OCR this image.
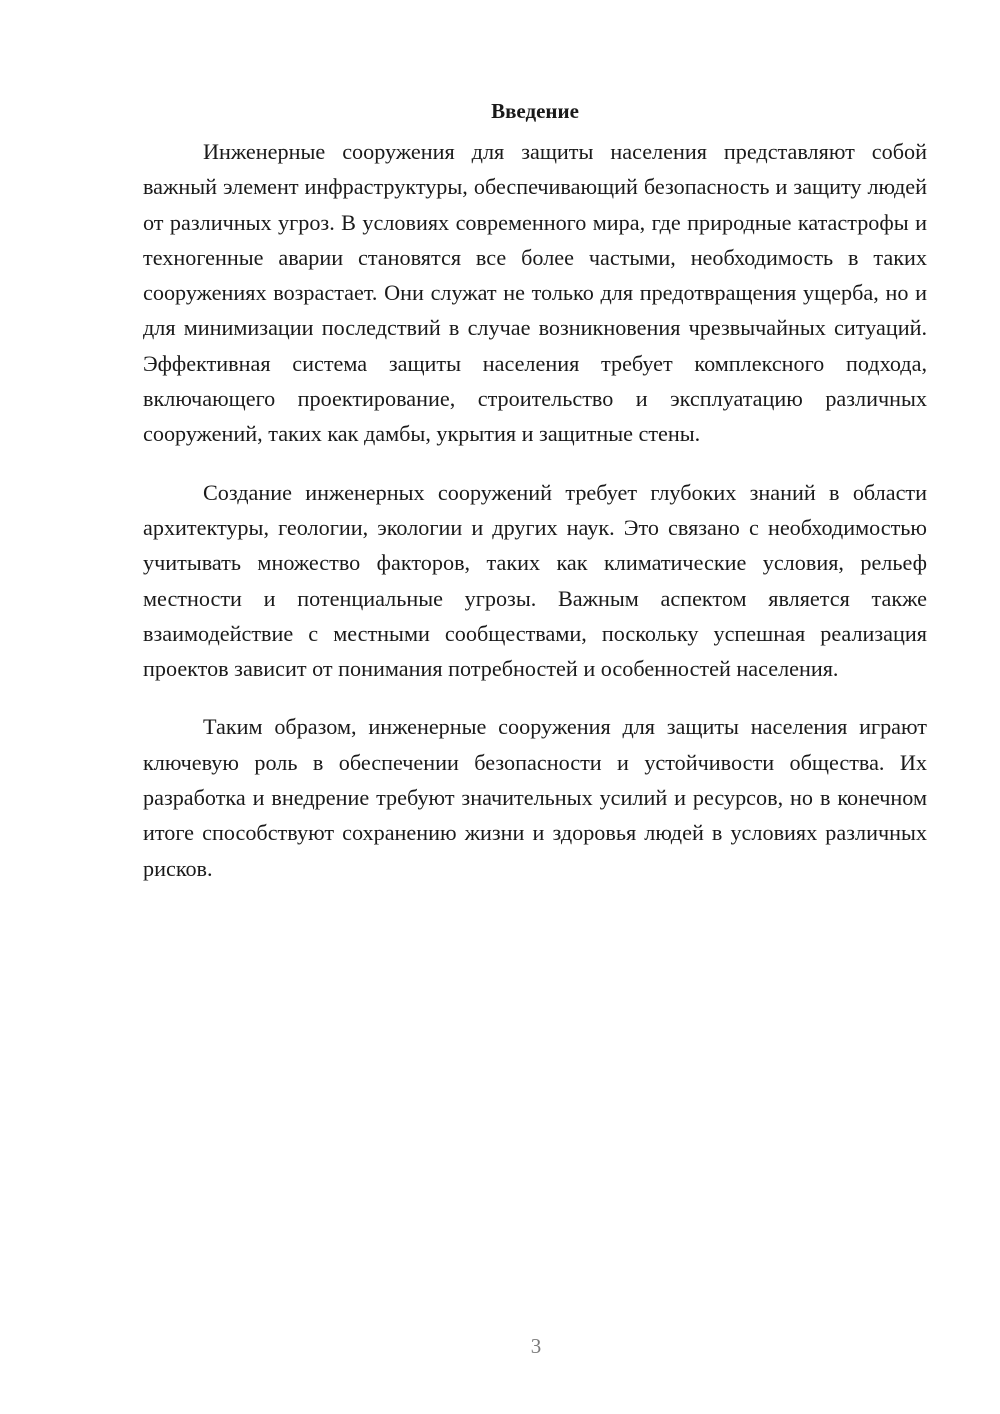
Введение

Инженерные сооружения для защиты населения представляют собой важный элемент инфраструктуры, обеспечивающий безопасность и защиту людей от различных угроз. В условиях современного мира, где природные катастрофы и техногенные аварии становятся все более частыми, необходимость в таких сооружениях возрастает. Они служат не только для предотвращения ущерба, но и для минимизации последствий в случае возникновения чрезвычайных ситуаций. Эффективная система защиты населения требует комплексного подхода, включающего проектирование, строительство и эксплуатацию различных сооружений, таких как дамбы, укрытия и защитные стены.

Создание инженерных сооружений требует глубоких знаний в области архитектуры, геологии, экологии и других наук. Это связано с необходимостью учитывать множество факторов, таких как климатические условия, рельеф местности и потенциальные угрозы. Важным аспектом является также взаимодействие с местными сообществами, поскольку успешная реализация проектов зависит от понимания потребностей и особенностей населения.

Таким образом, инженерные сооружения для защиты населения играют ключевую роль в обеспечении безопасности и устойчивости общества. Их разработка и внедрение требуют значительных усилий и ресурсов, но в конечном итоге способствуют сохранению жизни и здоровья людей в условиях различных рисков.

3
